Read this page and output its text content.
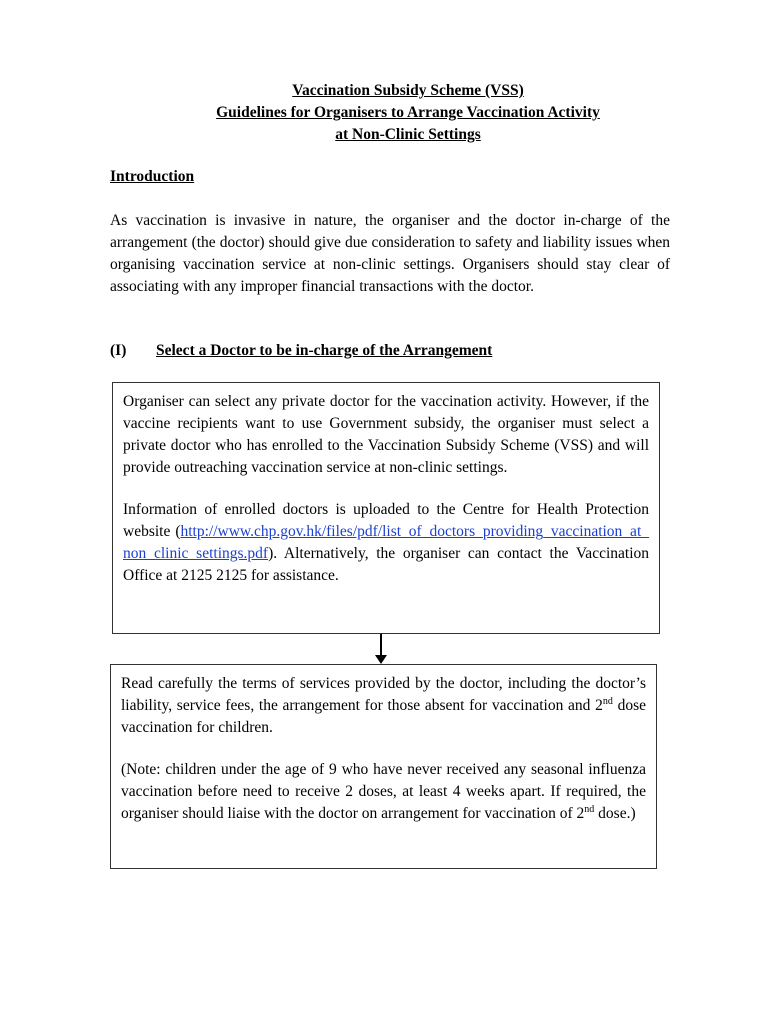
Vaccination Subsidy Scheme (VSS)
Guidelines for Organisers to Arrange Vaccination Activity
at Non-Clinic Settings
Introduction
As vaccination is invasive in nature, the organiser and the doctor in-charge of the arrangement (the doctor) should give due consideration to safety and liability issues when organising vaccination service at non-clinic settings. Organisers should stay clear of associating with any improper financial transactions with the doctor.
(I) Select a Doctor to be in-charge of the Arrangement

Organiser can select any private doctor for the vaccination activity. However, if the vaccine recipients want to use Government subsidy, the organiser must select a private doctor who has enrolled to the Vaccination Subsidy Scheme (VSS) and will provide outreaching vaccination service at non-clinic settings.

Information of enrolled doctors is uploaded to the Centre for Health Protection website (http://www.chp.gov.hk/files/pdf/list_of_doctors_providing_vaccination_at_non_clinic_settings.pdf). Alternatively, the organiser can contact the Vaccination Office at 2125 2125 for assistance.

Read carefully the terms of services provided by the doctor, including the doctor’s liability, service fees, the arrangement for those absent for vaccination and 2nd dose vaccination for children.

(Note: children under the age of 9 who have never received any seasonal influenza vaccination before need to receive 2 doses, at least 4 weeks apart. If required, the organiser should liaise with the doctor on arrangement for vaccination of 2nd dose.)
